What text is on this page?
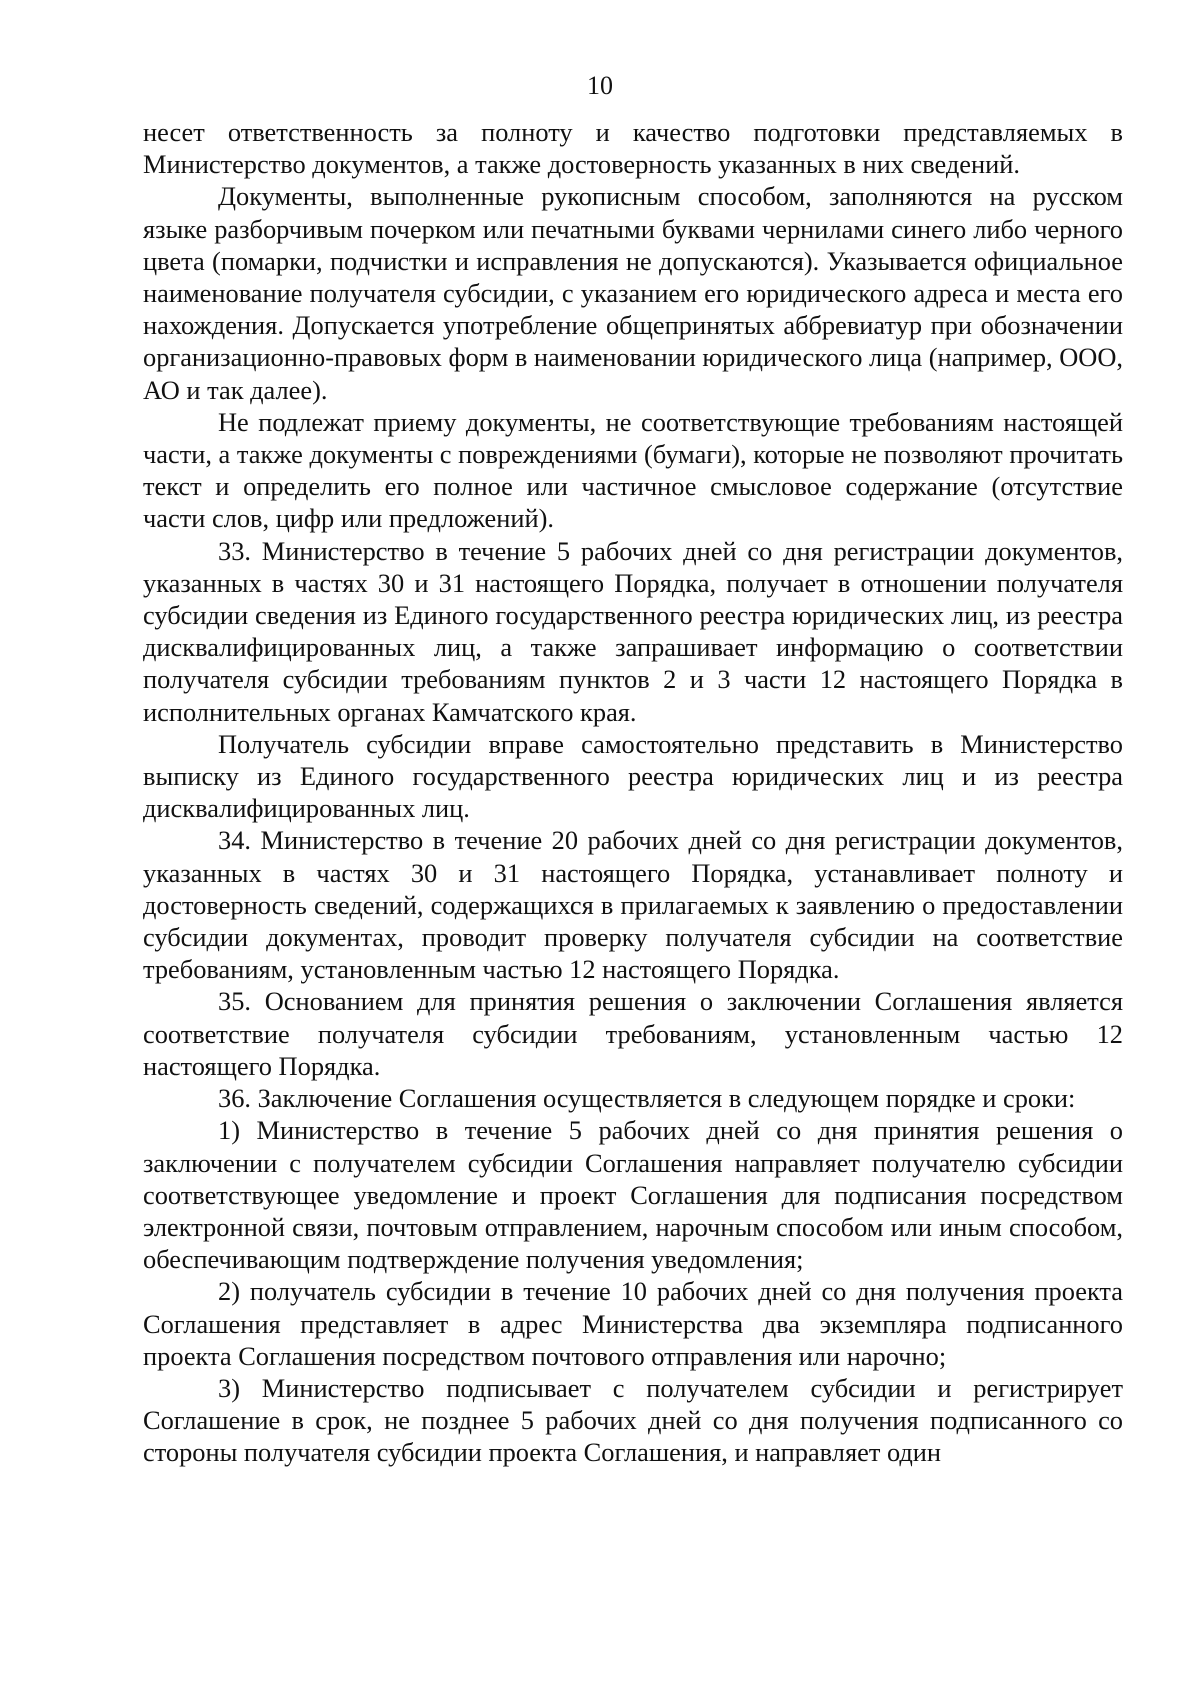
10

несет ответственность за полноту и качество подготовки представляемых в Министерство документов, а также достоверность указанных в них сведений.

Документы, выполненные рукописным способом, заполняются на русском языке разборчивым почерком или печатными буквами чернилами синего либо черного цвета (помарки, подчистки и исправления не допускаются). Указывается официальное наименование получателя субсидии, с указанием его юридического адреса и места его нахождения. Допускается употребление общепринятых аббревиатур при обозначении организационно-правовых форм в наименовании юридического лица (например, ООО, АО и так далее).

Не подлежат приему документы, не соответствующие требованиям настоящей части, а также документы с повреждениями (бумаги), которые не позволяют прочитать текст и определить его полное или частичное смысловое содержание (отсутствие части слов, цифр или предложений).

33. Министерство в течение 5 рабочих дней со дня регистрации документов, указанных в частях 30 и 31 настоящего Порядка, получает в отношении получателя субсидии сведения из Единого государственного реестра юридических лиц, из реестра дисквалифицированных лиц, а также запрашивает информацию о соответствии получателя субсидии требованиям пунктов 2 и 3 части 12 настоящего Порядка в исполнительных органах Камчатского края.

Получатель субсидии вправе самостоятельно представить в Министерство выписку из Единого государственного реестра юридических лиц и из реестра дисквалифицированных лиц.

34. Министерство в течение 20 рабочих дней со дня регистрации документов, указанных в частях 30 и 31 настоящего Порядка, устанавливает полноту и достоверность сведений, содержащихся в прилагаемых к заявлению о предоставлении субсидии документах, проводит проверку получателя субсидии на соответствие требованиям, установленным частью 12 настоящего Порядка.

35. Основанием для принятия решения о заключении Соглашения является соответствие получателя субсидии требованиям, установленным частью 12 настоящего Порядка.

36. Заключение Соглашения осуществляется в следующем порядке и сроки:

1) Министерство в течение 5 рабочих дней со дня принятия решения о заключении с получателем субсидии Соглашения направляет получателю субсидии соответствующее уведомление и проект Соглашения для подписания посредством электронной связи, почтовым отправлением, нарочным способом или иным способом, обеспечивающим подтверждение получения уведомления;

2) получатель субсидии в течение 10 рабочих дней со дня получения проекта Соглашения представляет в адрес Министерства два экземпляра подписанного проекта Соглашения посредством почтового отправления или нарочно;

3) Министерство подписывает с получателем субсидии и регистрирует Соглашение в срок, не позднее 5 рабочих дней со дня получения подписанного со стороны получателя субсидии проекта Соглашения, и направляет один
